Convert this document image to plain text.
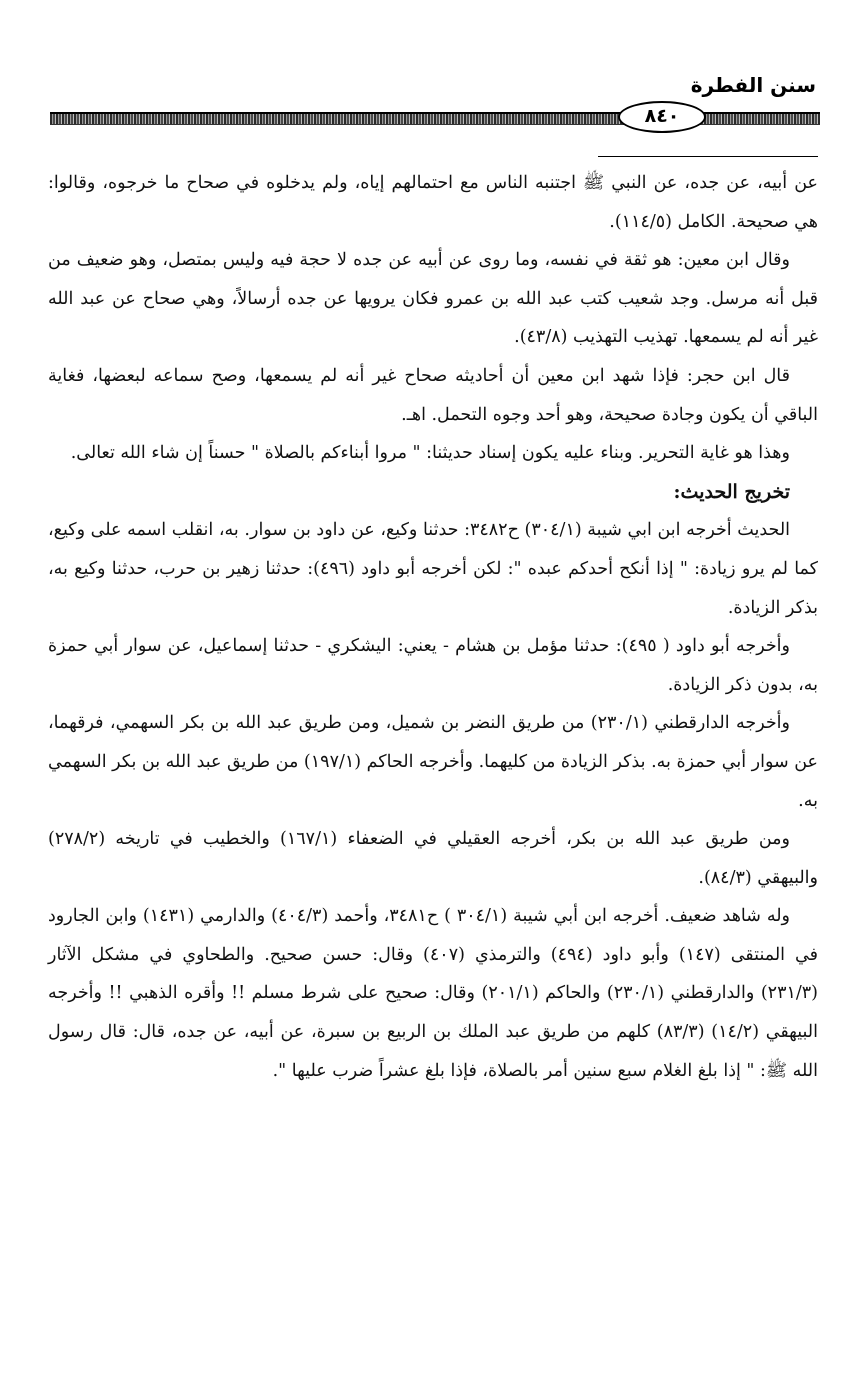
سنن الفطرة
٨٤٠

عن أبيه، عن جده، عن النبي ﷺ اجتنبه الناس مع احتمالهم إياه، ولم يدخلوه في صحاح ما خرجوه، وقالوا: هي صحيحة. الكامل (١١٤/٥).

وقال ابن معين: هو ثقة في نفسه، وما روى عن أبيه عن جده لا حجة فيه وليس بمتصل، وهو ضعيف من قبل أنه مرسل. وجد شعيب كتب عبد الله بن عمرو فكان يرويها عن جده أرسالاً، وهي صحاح عن عبد الله غير أنه لم يسمعها. تهذيب التهذيب (٤٣/٨).

قال ابن حجر: فإذا شهد ابن معين أن أحاديثه صحاح غير أنه لم يسمعها، وصح سماعه لبعضها، فغاية الباقي أن يكون وجادة صحيحة، وهو أحد وجوه التحمل. اهـ.

وهذا هو غاية التحرير. وبناء عليه يكون إسناد حديثنا: " مروا أبناءكم بالصلاة " حسناً إن شاء الله تعالى.

تخريج الحديث:

الحديث أخرجه ابن ابي شيبة (٣٠٤/١) ح٣٤٨٢: حدثنا وكيع، عن داود بن سوار. به، انقلب اسمه على وكيع، كما لم يرو زيادة: " إذا أنكح أحدكم عبده ": لكن أخرجه أبو داود (٤٩٦): حدثنا زهير بن حرب، حدثنا وكيع به، بذكر الزيادة.

وأخرجه أبو داود ( ٤٩٥): حدثنا مؤمل بن هشام - يعني: اليشكري - حدثنا إسماعيل، عن سوار أبي حمزة به، بدون ذكر الزيادة.

وأخرجه الدارقطني (٢٣٠/١) من طريق النضر بن شميل، ومن طريق عبد الله بن بكر السهمي، فرقهما، عن سوار أبي حمزة به. بذكر الزيادة من كليهما. وأخرجه الحاكم (١٩٧/١) من طريق عبد الله بن بكر السهمي به.

ومن طريق عبد الله بن بكر، أخرجه العقيلي في الضعفاء (١٦٧/١) والخطيب في تاريخه (٢٧٨/٢) والبيهقي (٨٤/٣).

وله شاهد ضعيف. أخرجه ابن أبي شيبة (٣٠٤/١ ) ح٣٤٨١، وأحمد (٤٠٤/٣) والدارمي (١٤٣١) وابن الجارود في المنتقى (١٤٧) وأبو داود (٤٩٤) والترمذي (٤٠٧) وقال: حسن صحيح. والطحاوي في مشكل الآثار (٢٣١/٣) والدارقطني (٢٣٠/١) والحاكم (٢٠١/١) وقال: صحيح على شرط مسلم !! وأقره الذهبي !! وأخرجه البيهقي (١٤/٢) (٨٣/٣) كلهم من طريق عبد الملك بن الربيع بن سبرة، عن أبيه، عن جده، قال: قال رسول الله ﷺ: " إذا بلغ الغلام سبع سنين أمر بالصلاة، فإذا بلغ عشراً ضرب عليها ".
